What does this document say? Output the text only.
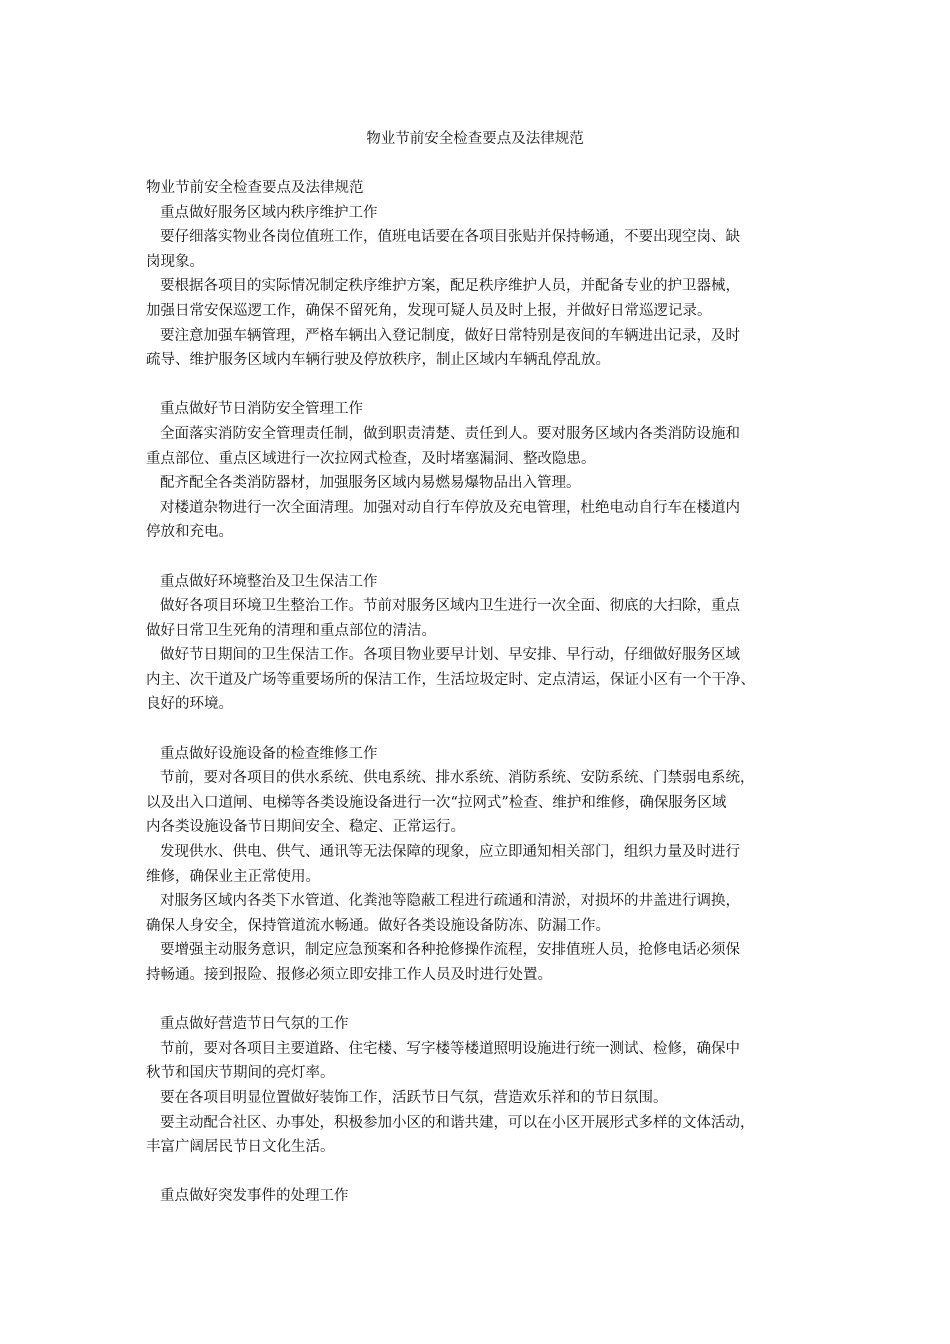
物业节前安全检查要点及法律规范
物业节前安全检查要点及法律规范
重点做好服务区域内秩序维护工作
要仔细落实物业各岗位值班工作，值班电话要在各项目张贴并保持畅通，不要出现空岗、缺
岗现象。
要根据各项目的实际情况制定秩序维护方案，配足秩序维护人员，并配备专业的护卫器械，
加强日常安保巡逻工作，确保不留死角，发现可疑人员及时上报，并做好日常巡逻记录。
要注意加强车辆管理，严格车辆出入登记制度，做好日常特别是夜间的车辆进出记录，及时
疏导、维护服务区域内车辆行驶及停放秩序，制止区域内车辆乱停乱放。
重点做好节日消防安全管理工作
全面落实消防安全管理责任制，做到职责清楚、责任到人。要对服务区域内各类消防设施和
重点部位、重点区域进行一次拉网式检查，及时堵塞漏洞、整改隐患。
配齐配全各类消防器材，加强服务区域内易燃易爆物品出入管理。
对楼道杂物进行一次全面清理。加强对动自行车停放及充电管理，杜绝电动自行车在楼道内
停放和充电。
重点做好环境整治及卫生保洁工作
做好各项目环境卫生整治工作。节前对服务区域内卫生进行一次全面、彻底的大扫除，重点
做好日常卫生死角的清理和重点部位的清洁。
做好节日期间的卫生保洁工作。各项目物业要早计划、早安排、早行动，仔细做好服务区域
内主、次干道及广场等重要场所的保洁工作，生活垃圾定时、定点清运，保证小区有一个干净、
良好的环境。
重点做好设施设备的检查维修工作
节前，要对各项目的供水系统、供电系统、排水系统、消防系统、安防系统、门禁弱电系统，
以及出入口道闸、电梯等各类设施设备进行一次“拉网式”检查、维护和维修，确保服务区域
内各类设施设备节日期间安全、稳定、正常运行。
发现供水、供电、供气、通讯等无法保障的现象，应立即通知相关部门，组织力量及时进行
维修，确保业主正常使用。
对服务区域内各类下水管道、化粪池等隐蔽工程进行疏通和清淤，对损坏的井盖进行调换，
确保人身安全，保持管道流水畅通。做好各类设施设备防冻、防漏工作。
要增强主动服务意识，制定应急预案和各种抢修操作流程，安排值班人员，抢修电话必须保
持畅通。接到报险、报修必须立即安排工作人员及时进行处置。
重点做好营造节日气氛的工作
节前，要对各项目主要道路、住宅楼、写字楼等楼道照明设施进行统一测试、检修，确保中
秋节和国庆节期间的亮灯率。
要在各项目明显位置做好装饰工作，活跃节日气氛，营造欢乐祥和的节日氛围。
要主动配合社区、办事处，积极参加小区的和谐共建，可以在小区开展形式多样的文体活动，
丰富广阔居民节日文化生活。
重点做好突发事件的处理工作
